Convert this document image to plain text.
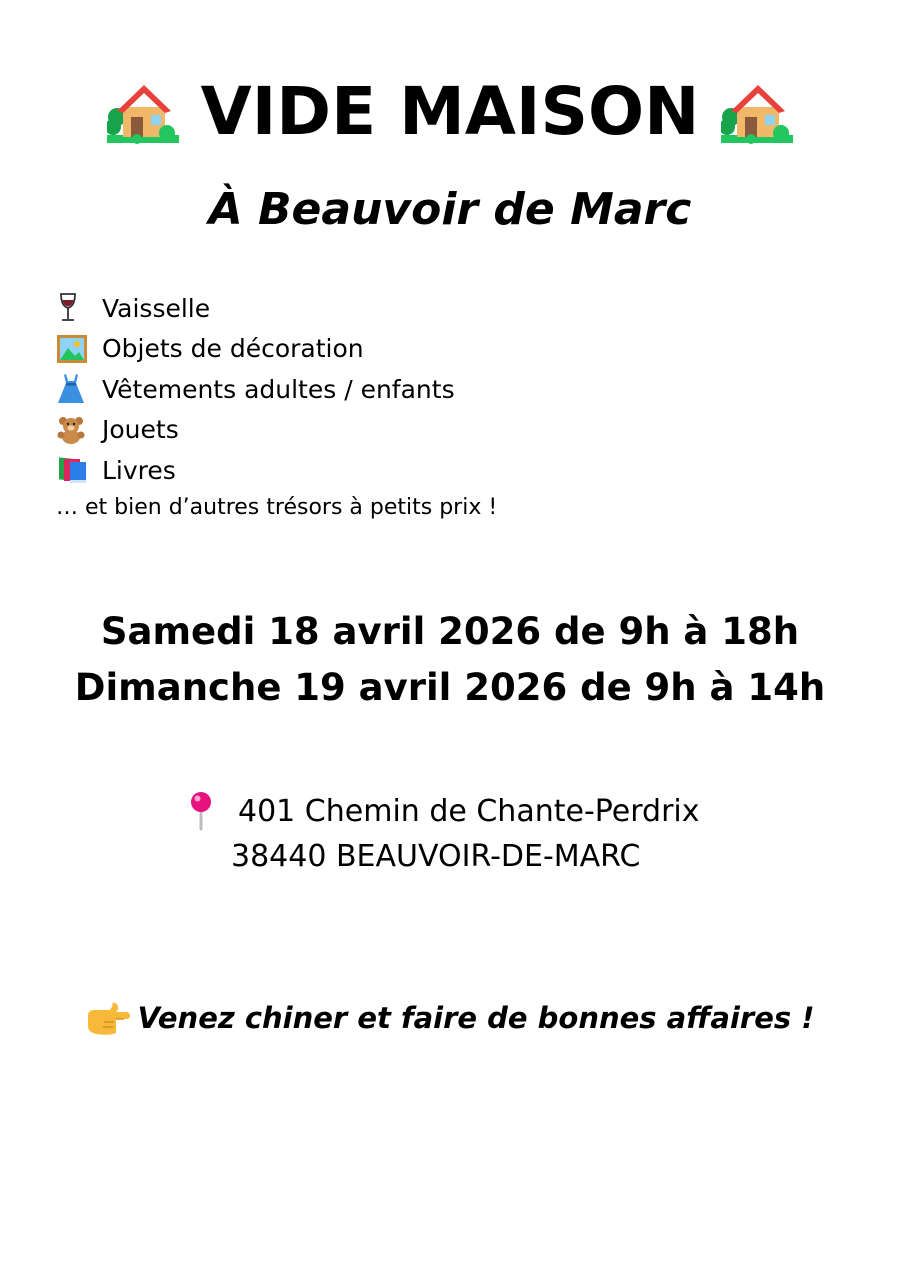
VIDE MAISON
À Beauvoir de Marc
Vaisselle
Objets de décoration
Vêtements adultes / enfants
Jouets
Livres
… et bien d’autres trésors à petits prix !
Samedi 18 avril 2026 de 9h à 18h
Dimanche 19 avril 2026 de 9h à 14h
401 Chemin de Chante-Perdrix
38440 BEAUVOIR-DE-MARC
Venez chiner et faire de bonnes affaires !
